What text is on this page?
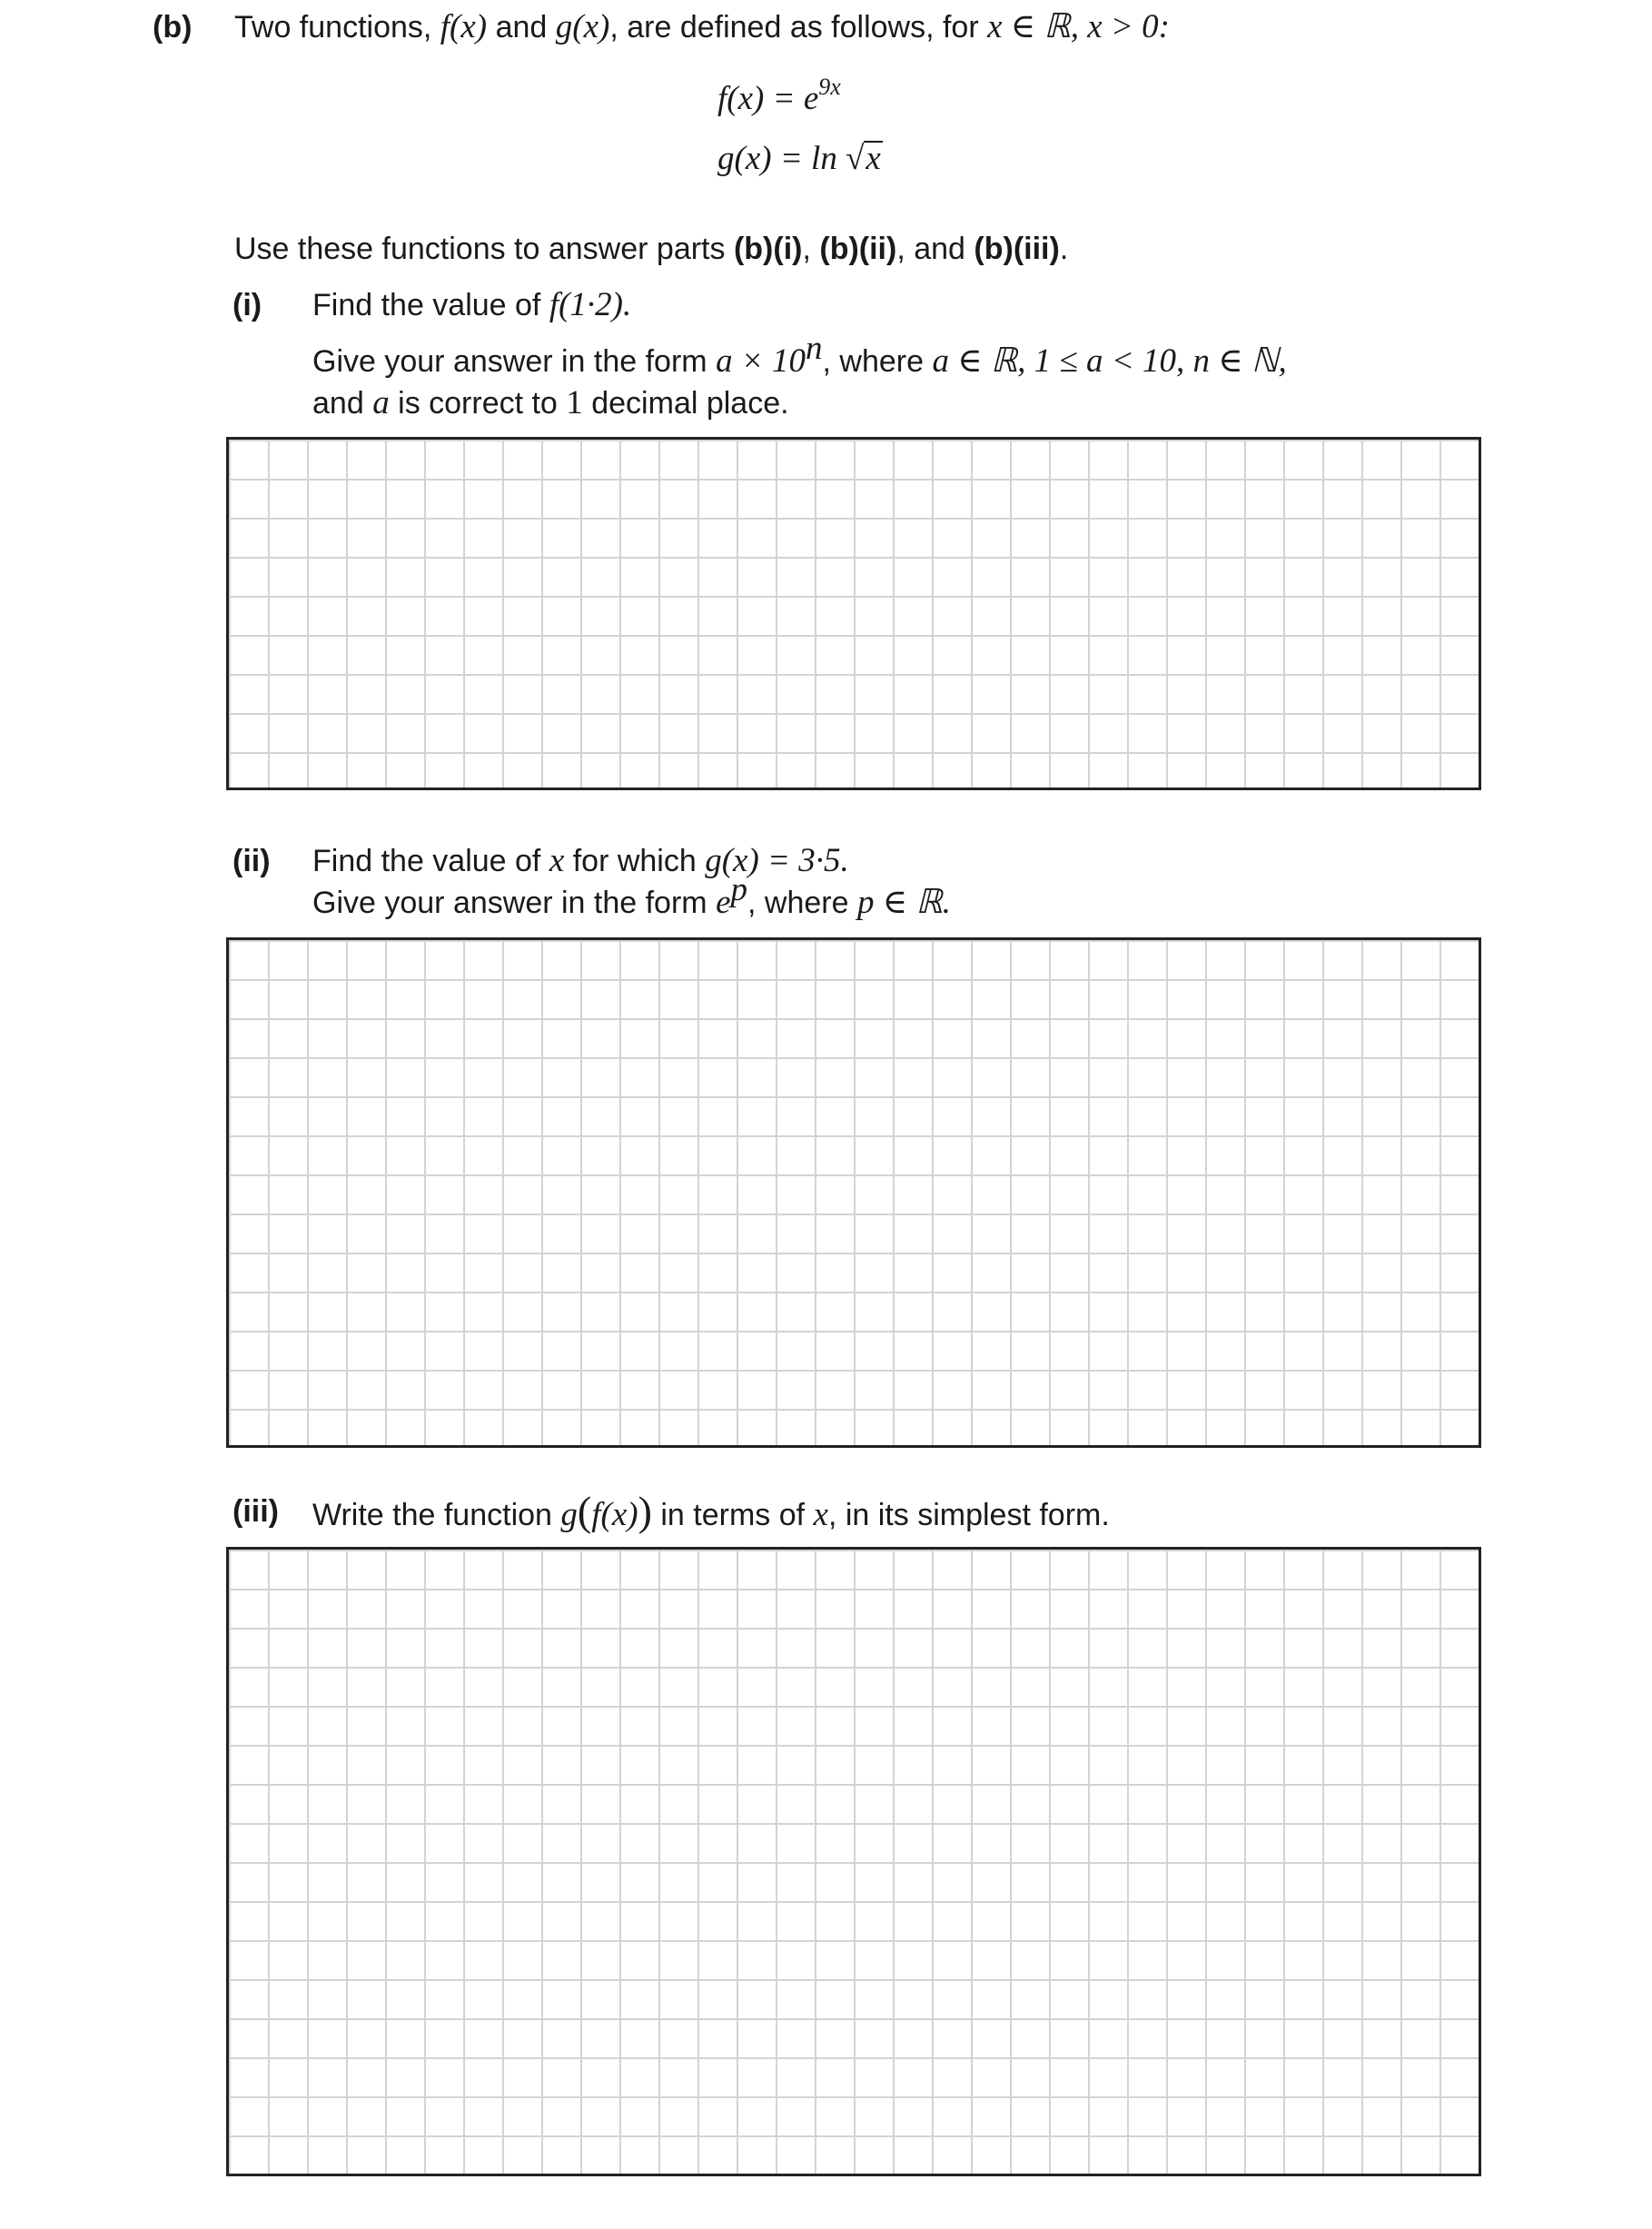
(b) Two functions, f(x) and g(x), are defined as follows, for x ∈ ℝ, x > 0:
$f(x) = e^{9x}$
g(x) = ln √x
Use these functions to answer parts (b)(i), (b)(ii), and (b)(iii).
(i) Find the value of f(1·2).
Give your answer in the form $a \times 10^n$, where a ∈ ℝ, 1 ≤ a < 10, n ∈ ℕ,
and a is correct to 1 decimal place.
(ii) Find the value of x for which g(x) = 3·5.
Give your answer in the form $e^p$, where p ∈ ℝ.
(iii) Write the function g(f(x)) in terms of x, in its simplest form.
